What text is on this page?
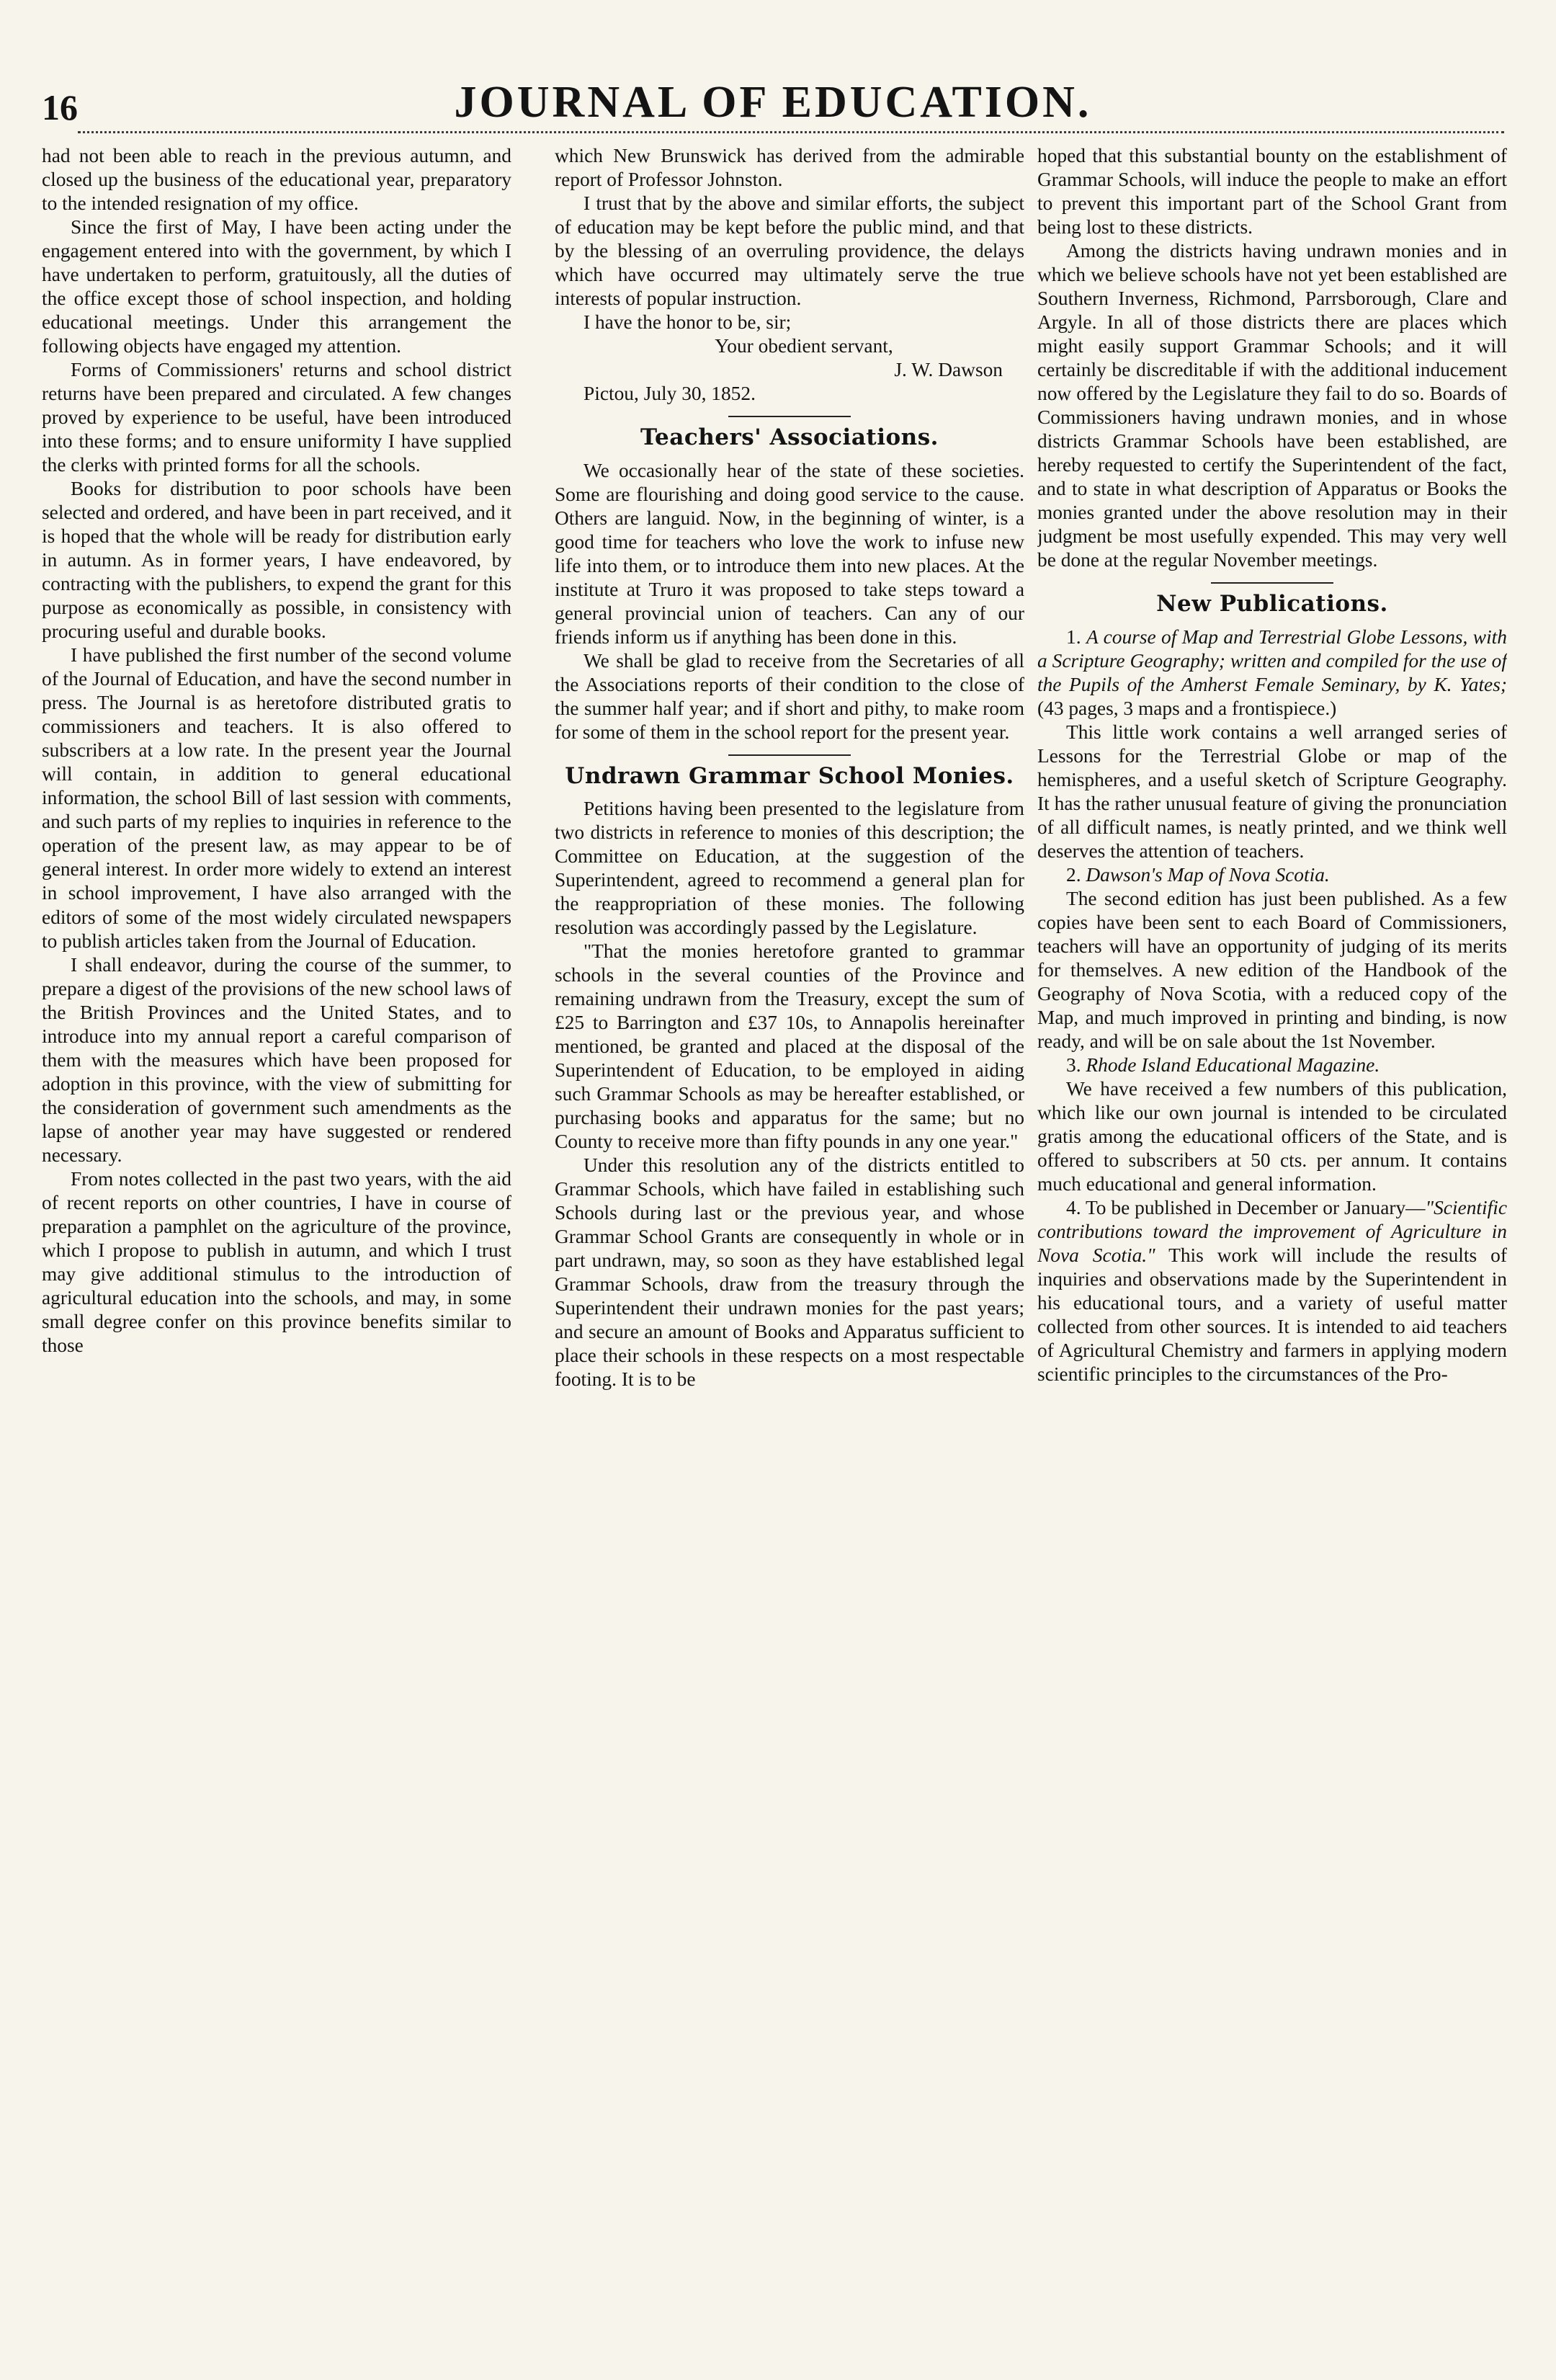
16	JOURNAL OF EDUCATION.

had not been able to reach in the previous autumn, and closed up the business of the educational year, preparatory to the intended resignation of my office.

Since the first of May, I have been acting under the engagement entered into with the government, by which I have undertaken to perform, gratuitously, all the duties of the office except those of school inspection, and holding educational meetings. Under this arrangement the following objects have engaged my attention.

Forms of Commissioners' returns and school district returns have been prepared and circulated. A few changes proved by experience to be useful, have been introduced into these forms; and to ensure uniformity I have supplied the clerks with printed forms for all the schools.

Books for distribution to poor schools have been selected and ordered, and have been in part received, and it is hoped that the whole will be ready for distribution early in autumn. As in former years, I have endeavored, by contracting with the publishers, to expend the grant for this purpose as economically as possible, in consistency with procuring useful and durable books.

I have published the first number of the second volume of the Journal of Education, and have the second number in press. The Journal is as heretofore distributed gratis to commissioners and teachers. It is also offered to subscribers at a low rate. In the present year the Journal will contain, in addition to general educational information, the school Bill of last session with comments, and such parts of my replies to inquiries in reference to the operation of the present law, as may appear to be of general interest. In order more widely to extend an interest in school improvement, I have also arranged with the editors of some of the most widely circulated newspapers to publish articles taken from the Journal of Education.

I shall endeavor, during the course of the summer, to prepare a digest of the provisions of the new school laws of the British Provinces and the United States, and to introduce into my annual report a careful comparison of them with the measures which have been proposed for adoption in this province, with the view of submitting for the consideration of government such amendments as the lapse of another year may have suggested or rendered necessary.

From notes collected in the past two years, with the aid of recent reports on other countries, I have in course of preparation a pamphlet on the agriculture of the province, which I propose to publish in autumn, and which I trust may give additional stimulus to the introduction of agricultural education into the schools, and may, in some small degree confer on this province benefits similar to those

which New Brunswick has derived from the admirable report of Professor Johnston.

I trust that by the above and similar efforts, the subject of education may be kept before the public mind, and that by the blessing of an overruling providence, the delays which have occurred may ultimately serve the true interests of popular instruction.

I have the honor to be, sir;

Your obedient servant,

J. W. Dawson

Pictou, July 30, 1852.

Teachers' Associations.

We occasionally hear of the state of these societies. Some are flourishing and doing good service to the cause. Others are languid. Now, in the beginning of winter, is a good time for teachers who love the work to infuse new life into them, or to introduce them into new places. At the institute at Truro it was proposed to take steps toward a general provincial union of teachers. Can any of our friends inform us if anything has been done in this.

We shall be glad to receive from the Secretaries of all the Associations reports of their condition to the close of the summer half year; and if short and pithy, to make room for some of them in the school report for the present year.

Undrawn Grammar School Monies.

Petitions having been presented to the legislature from two districts in reference to monies of this description; the Committee on Education, at the suggestion of the Superintendent, agreed to recommend a general plan for the reappropriation of these monies. The following resolution was accordingly passed by the Legislature.

"That the monies heretofore granted to grammar schools in the several counties of the Province and remaining undrawn from the Treasury, except the sum of £25 to Barrington and £37 10s, to Annapolis hereinafter mentioned, be granted and placed at the disposal of the Superintendent of Education, to be employed in aiding such Grammar Schools as may be hereafter established, or purchasing books and apparatus for the same; but no County to receive more than fifty pounds in any one year."

Under this resolution any of the districts entitled to Grammar Schools, which have failed in establishing such Schools during last or the previous year, and whose Grammar School Grants are consequently in whole or in part undrawn, may, so soon as they have established legal Grammar Schools, draw from the treasury through the Superintendent their undrawn monies for the past years; and secure an amount of Books and Apparatus sufficient to place their schools in these respects on a most respectable footing. It is to be

hoped that this substantial bounty on the establishment of Grammar Schools, will induce the people to make an effort to prevent this important part of the School Grant from being lost to these districts.

Among the districts having undrawn monies and in which we believe schools have not yet been established are Southern Inverness, Richmond, Parrsborough, Clare and Argyle. In all of those districts there are places which might easily support Grammar Schools; and it will certainly be discreditable if with the additional inducement now offered by the Legislature they fail to do so. Boards of Commissioners having undrawn monies, and in whose districts Grammar Schools have been established, are hereby requested to certify the Superintendent of the fact, and to state in what description of Apparatus or Books the monies granted under the above resolution may in their judgment be most usefully expended. This may very well be done at the regular November meetings.

New Publications.

1. A course of Map and Terrestrial Globe Lessons, with a Scripture Geography; written and compiled for the use of the Pupils of the Amherst Female Seminary, by K. Yates; (43 pages, 3 maps and a frontispiece.)

This little work contains a well arranged series of Lessons for the Terrestrial Globe or map of the hemispheres, and a useful sketch of Scripture Geography. It has the rather unusual feature of giving the pronunciation of all difficult names, is neatly printed, and we think well deserves the attention of teachers.

2. Dawson's Map of Nova Scotia.

The second edition has just been published. As a few copies have been sent to each Board of Commissioners, teachers will have an opportunity of judging of its merits for themselves. A new edition of the Handbook of the Geography of Nova Scotia, with a reduced copy of the Map, and much improved in printing and binding, is now ready, and will be on sale about the 1st November.

3. Rhode Island Educational Magazine.

We have received a few numbers of this publication, which like our own journal is intended to be circulated gratis among the educational officers of the State, and is offered to subscribers at 50 cts. per annum. It contains much educational and general information.

4. To be published in December or January—"Scientific contributions toward the improvement of Agriculture in Nova Scotia." This work will include the results of inquiries and observations made by the Superintendent in his educational tours, and a variety of useful matter collected from other sources. It is intended to aid teachers of Agricultural Chemistry and farmers in applying modern scientific principles to the circumstances of the Pro-
